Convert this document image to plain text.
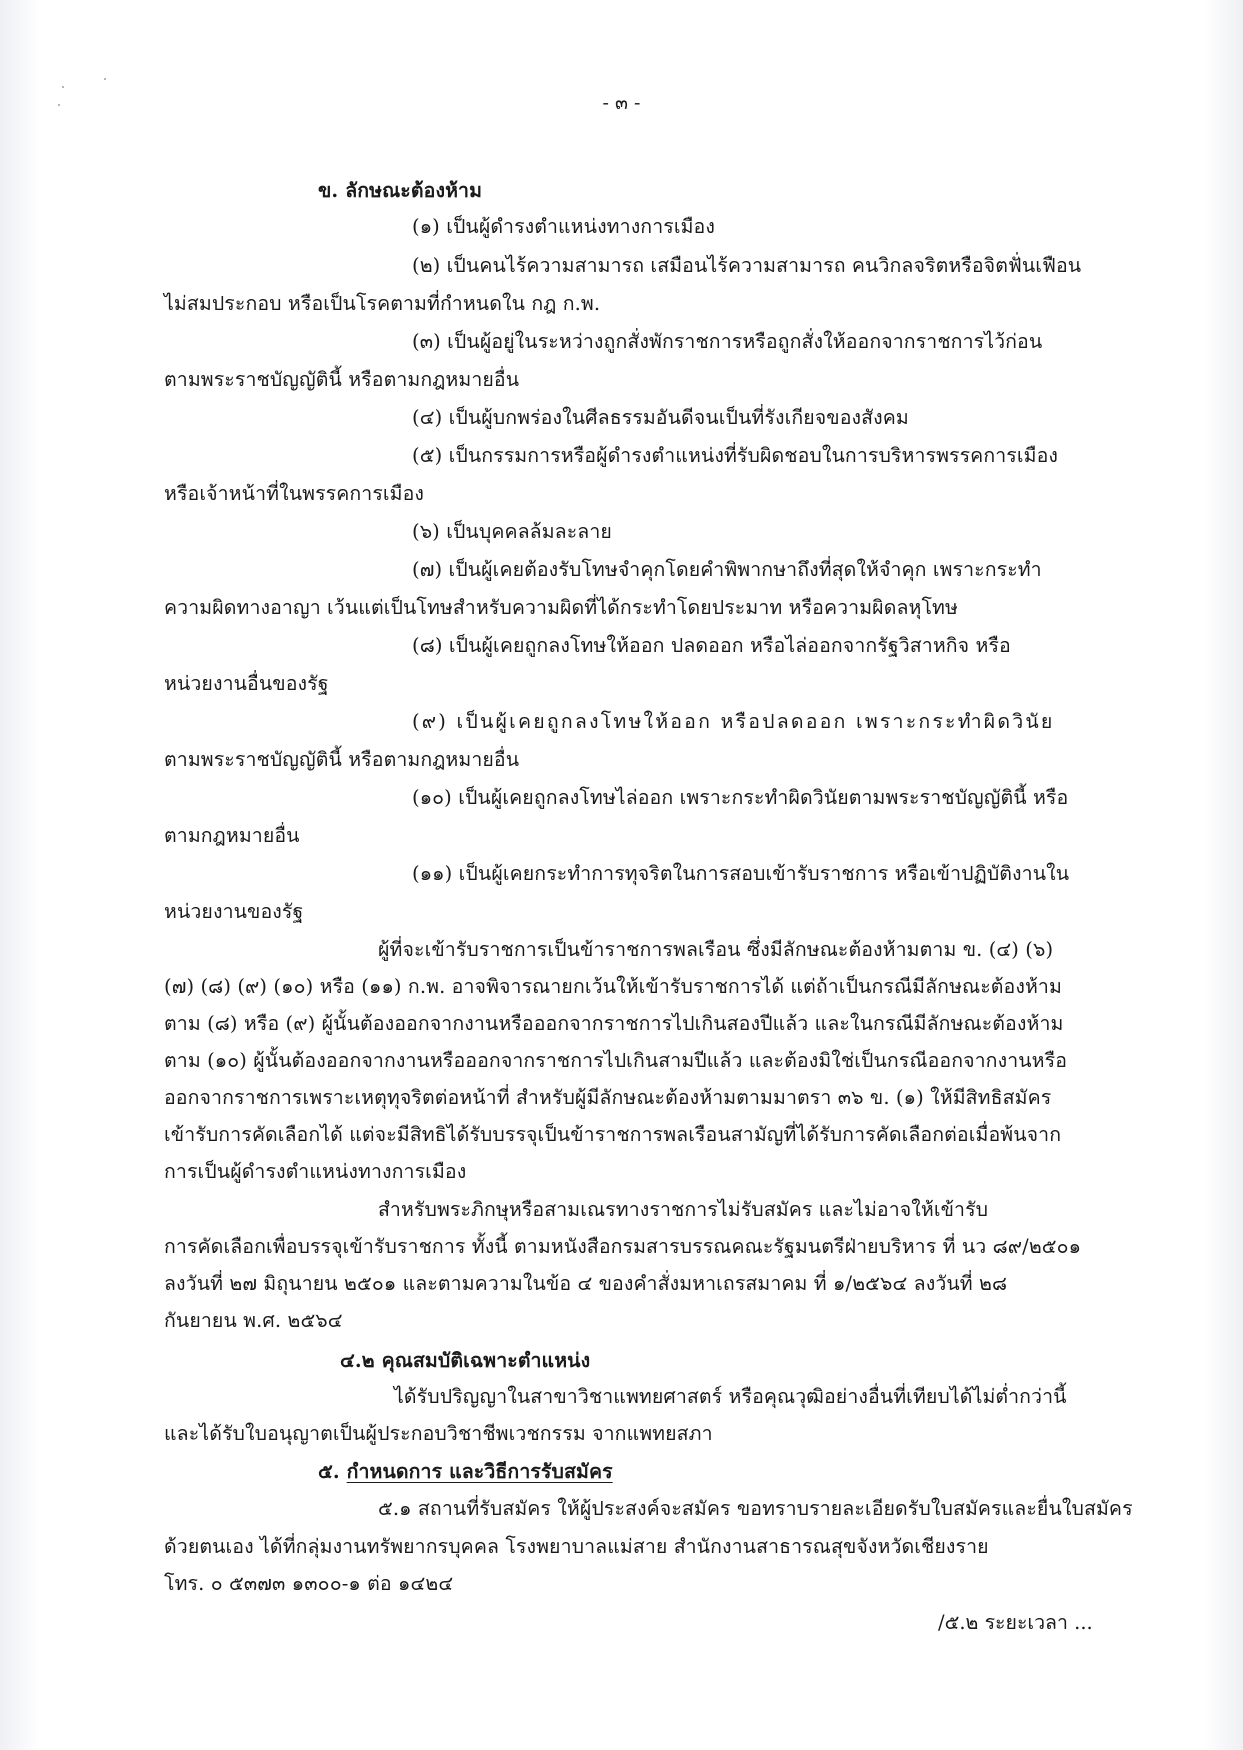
- ๓ -
ข. ลักษณะต้องห้าม
(๑) เป็นผู้ดำรงตำแหน่งทางการเมือง
(๒) เป็นคนไร้ความสามารถ เสมือนไร้ความสามารถ คนวิกลจริตหรือจิตฟั่นเฟือน
ไม่สมประกอบ หรือเป็นโรคตามที่กำหนดใน กฎ ก.พ.
(๓) เป็นผู้อยู่ในระหว่างถูกสั่งพักราชการหรือถูกสั่งให้ออกจากราชการไว้ก่อน
ตามพระราชบัญญัตินี้ หรือตามกฎหมายอื่น
(๔) เป็นผู้บกพร่องในศีลธรรมอันดีจนเป็นที่รังเกียจของสังคม
(๕) เป็นกรรมการหรือผู้ดำรงตำแหน่งที่รับผิดชอบในการบริหารพรรคการเมือง
หรือเจ้าหน้าที่ในพรรคการเมือง
(๖) เป็นบุคคลล้มละลาย
(๗) เป็นผู้เคยต้องรับโทษจำคุกโดยคำพิพากษาถึงที่สุดให้จำคุก เพราะกระทำ
ความผิดทางอาญา เว้นแต่เป็นโทษสำหรับความผิดที่ได้กระทำโดยประมาท หรือความผิดลหุโทษ
(๘) เป็นผู้เคยถูกลงโทษให้ออก ปลดออก หรือไล่ออกจากรัฐวิสาหกิจ หรือ
หน่วยงานอื่นของรัฐ
(๙) เป็นผู้เคยถูกลงโทษให้ออก หรือปลดออก เพราะกระทำผิดวินัย
ตามพระราชบัญญัตินี้ หรือตามกฎหมายอื่น
(๑๐) เป็นผู้เคยถูกลงโทษไล่ออก เพราะกระทำผิดวินัยตามพระราชบัญญัตินี้ หรือ
ตามกฎหมายอื่น
(๑๑) เป็นผู้เคยกระทำการทุจริตในการสอบเข้ารับราชการ หรือเข้าปฏิบัติงานใน
หน่วยงานของรัฐ
ผู้ที่จะเข้ารับราชการเป็นข้าราชการพลเรือน ซึ่งมีลักษณะต้องห้ามตาม ข. (๔) (๖)
(๗) (๘) (๙) (๑๐) หรือ (๑๑) ก.พ. อาจพิจารณายกเว้นให้เข้ารับราชการได้ แต่ถ้าเป็นกรณีมีลักษณะต้องห้าม
ตาม (๘) หรือ (๙) ผู้นั้นต้องออกจากงานหรือออกจากราชการไปเกินสองปีแล้ว และในกรณีมีลักษณะต้องห้าม
ตาม (๑๐) ผู้นั้นต้องออกจากงานหรือออกจากราชการไปเกินสามปีแล้ว และต้องมิใช่เป็นกรณีออกจากงานหรือ
ออกจากราชการเพราะเหตุทุจริตต่อหน้าที่ สำหรับผู้มีลักษณะต้องห้ามตามมาตรา ๓๖ ข. (๑) ให้มีสิทธิสมัคร
เข้ารับการคัดเลือกได้ แต่จะมีสิทธิได้รับบรรจุเป็นข้าราชการพลเรือนสามัญที่ได้รับการคัดเลือกต่อเมื่อพ้นจาก
การเป็นผู้ดำรงตำแหน่งทางการเมือง
สำหรับพระภิกษุหรือสามเณรทางราชการไม่รับสมัคร และไม่อาจให้เข้ารับ
การคัดเลือกเพื่อบรรจุเข้ารับราชการ ทั้งนี้ ตามหนังสือกรมสารบรรณคณะรัฐมนตรีฝ่ายบริหาร ที่ นว ๘๙/๒๕๐๑
ลงวันที่ ๒๗ มิถุนายน ๒๕๐๑ และตามความในข้อ ๔ ของคำสั่งมหาเถรสมาคม ที่ ๑/๒๕๖๔ ลงวันที่ ๒๘
กันยายน พ.ศ. ๒๕๖๔
๔.๒ คุณสมบัติเฉพาะตำแหน่ง
ได้รับปริญญาในสาขาวิชาแพทยศาสตร์ หรือคุณวุฒิอย่างอื่นที่เทียบได้ไม่ต่ำกว่านี้
และได้รับใบอนุญาตเป็นผู้ประกอบวิชาชีพเวชกรรม จากแพทยสภา
๕. กำหนดการ และวิธีการรับสมัคร
๕.๑ สถานที่รับสมัคร ให้ผู้ประสงค์จะสมัคร ขอทราบรายละเอียดรับใบสมัครและยื่นใบสมัคร
ด้วยตนเอง ได้ที่กลุ่มงานทรัพยากรบุคคล โรงพยาบาลแม่สาย สำนักงานสาธารณสุขจังหวัดเชียงราย
โทร. ๐ ๕๓๗๓ ๑๓๐๐-๑ ต่อ ๑๔๒๔
/๕.๒ ระยะเวลา ...
